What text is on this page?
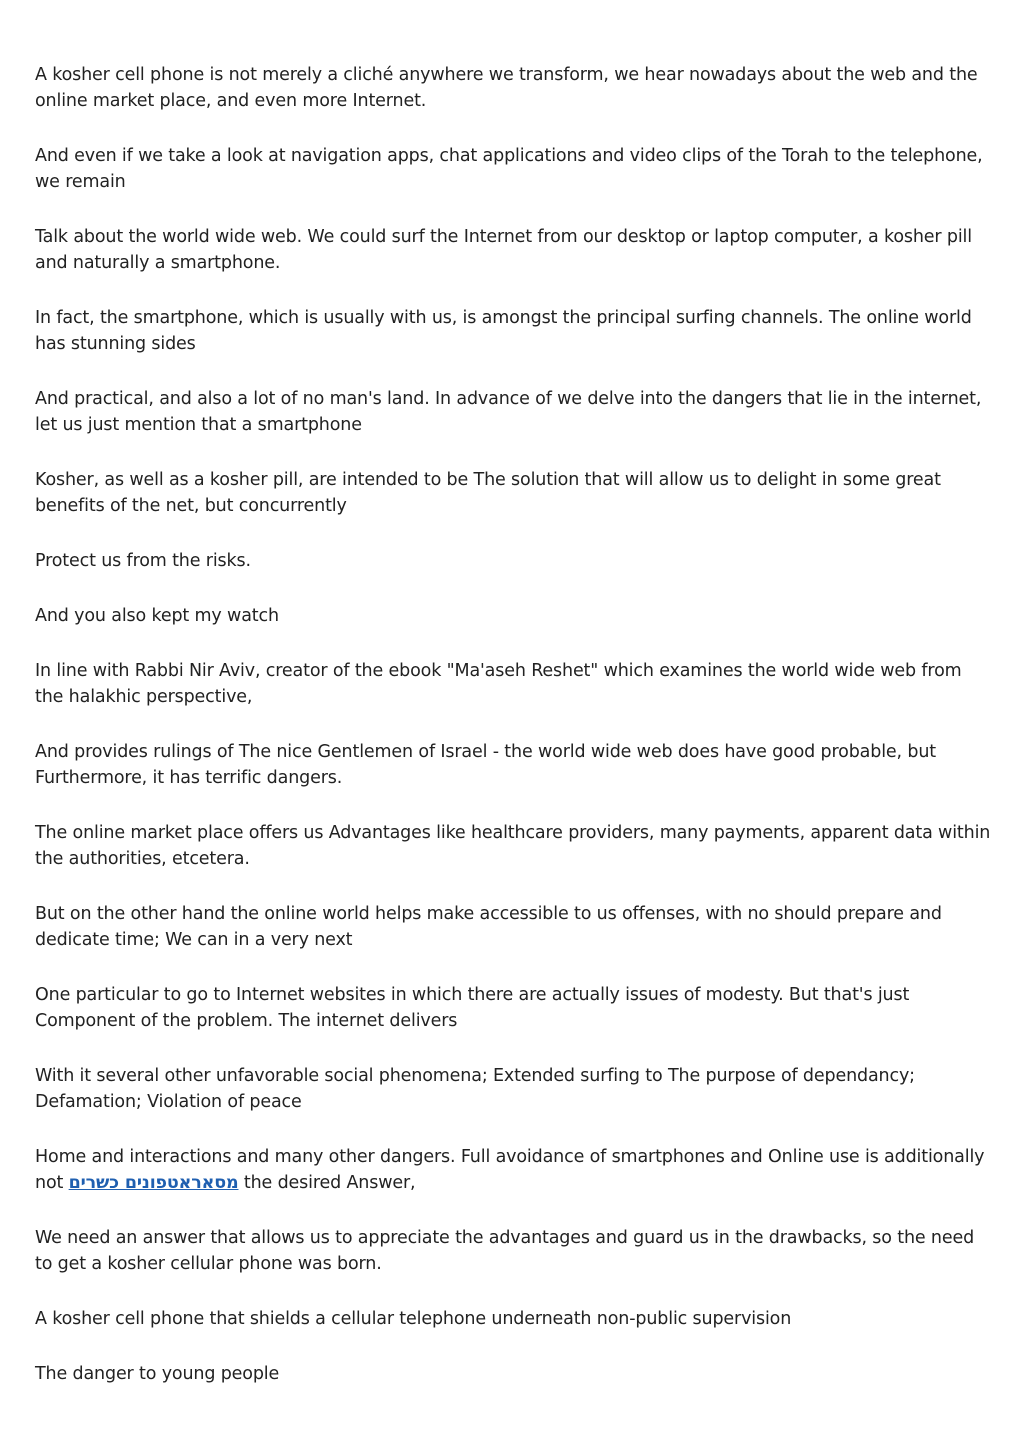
A kosher cell phone is not merely a cliché anywhere we transform, we hear nowadays about the web and the online market place, and even more Internet.

And even if we take a look at navigation apps, chat applications and video clips of the Torah to the telephone, we remain

Talk about the world wide web. We could surf the Internet from our desktop or laptop computer, a kosher pill and naturally a smartphone.

In fact, the smartphone, which is usually with us, is amongst the principal surfing channels. The online world has stunning sides

And practical, and also a lot of no man's land. In advance of we delve into the dangers that lie in the internet, let us just mention that a smartphone

Kosher, as well as a kosher pill, are intended to be The solution that will allow us to delight in some great benefits of the net, but concurrently

Protect us from the risks.

And you also kept my watch

In line with Rabbi Nir Aviv, creator of the ebook "Ma'aseh Reshet" which examines the world wide web from the halakhic perspective,

And provides rulings of The nice Gentlemen of Israel - the world wide web does have good probable, but Furthermore, it has terrific dangers.

The online market place offers us Advantages like healthcare providers, many payments, apparent data within the authorities, etcetera.

But on the other hand the online world helps make accessible to us offenses, with no should prepare and dedicate time; We can in a very next

One particular to go to Internet websites in which there are actually issues of modesty. But that's just Component of the problem. The internet delivers

With it several other unfavorable social phenomena; Extended surfing to The purpose of dependancy; Defamation; Violation of peace

Home and interactions and many other dangers. Full avoidance of smartphones and Online use is additionally not מסאראטפונים כשרים the desired Answer,

We need an answer that allows us to appreciate the advantages and guard us in the drawbacks, so the need to get a kosher cellular phone was born.

A kosher cell phone that shields a cellular telephone underneath non-public supervision

The danger to young people
